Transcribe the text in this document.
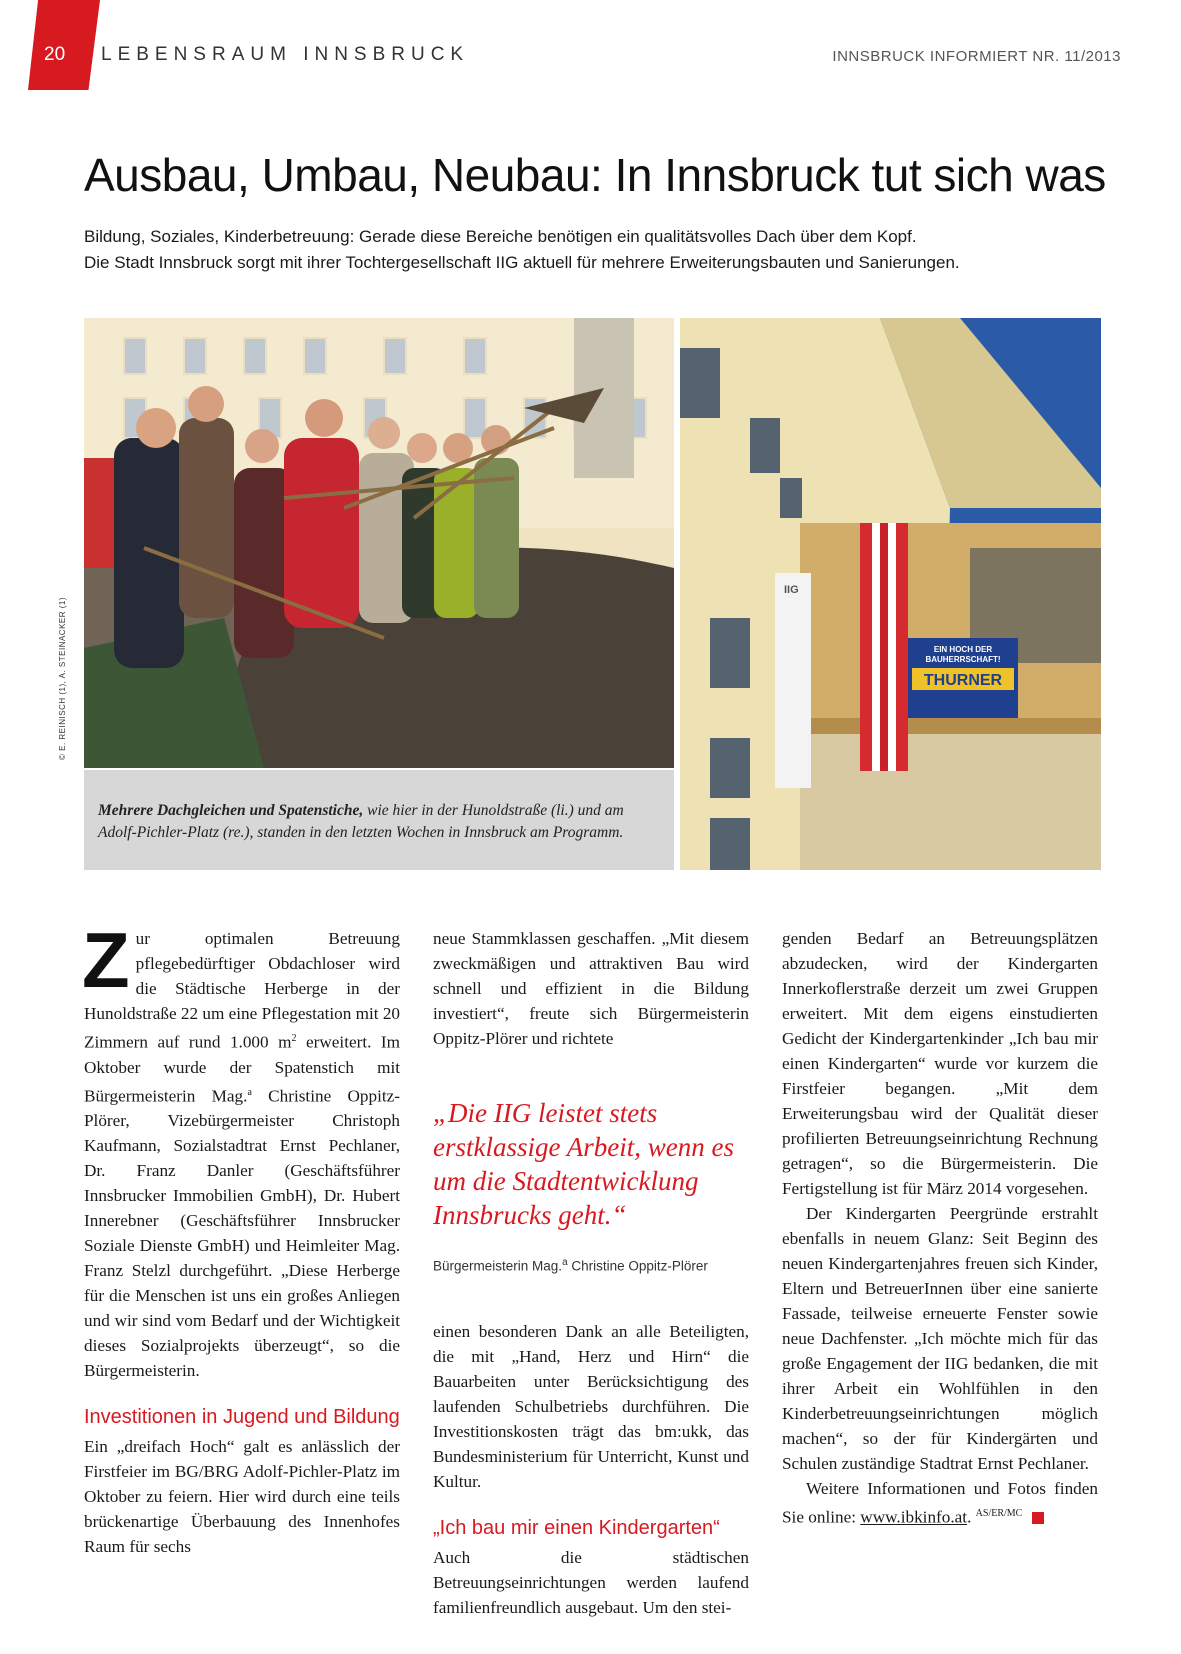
20 LEBENSRAUM INNSBRUCK	INNSBRUCK INFORMIERT NR. 11/2013
Ausbau, Umbau, Neubau: In Innsbruck tut sich was
Bildung, Soziales, Kinderbetreuung: Gerade diese Bereiche benötigen ein qualitätsvolles Dach über dem Kopf.
Die Stadt Innsbruck sorgt mit ihrer Tochtergesellschaft IIG aktuell für mehrere Erweiterungsbauten und Sanierungen.
© E. REINISCH (1), A. STEINACKER (1)	EIN HOCH DER
BAUHERRSCHAFT!
THURNER
IIG
Mehrere Dachgleichen und Spatenstiche, wie hier in der Hunoldstraße (li.) und am Adolf-Pichler-Platz (re.), standen in den letzten Wochen in Innsbruck am Programm.

Zur optimalen Betreuung pflegebedürftiger Obdachloser wird die Städtische Herberge in der Hunoldstraße 22 um eine Pflegestation mit 20 Zimmern auf rund 1.000 $m^2$ erweitert. Im Oktober wurde der Spatenstich mit Bürgermeisterin Mag.$^a$ Christine Oppitz-Plörer, Vizebürgermeister Christoph Kaufmann, Sozialstadtrat Ernst Pechlaner, Dr. Franz Danler (Geschäftsführer Innsbrucker Immobilien GmbH), Dr. Hubert Innerebner (Geschäftsführer Innsbrucker Soziale Dienste GmbH) und Heimleiter Mag. Franz Stelzl durchgeführt. „Diese Herberge für die Menschen ist uns ein großes Anliegen und wir sind vom Bedarf und der Wichtigkeit dieses Sozialprojekts überzeugt“, so die Bürgermeisterin.

Investitionen in Jugend und Bildung

Ein „dreifach Hoch“ galt es anlässlich der Firstfeier im BG/BRG Adolf-Pichler-Platz im Oktober zu feiern. Hier wird durch eine teils brückenartige Überbauung des Innenhofes Raum für sechs

neue Stammklassen geschaffen. „Mit diesem zweckmäßigen und attraktiven Bau wird schnell und effizient in die Bildung investiert“, freute sich Bürgermeisterin Oppitz-Plörer und richtete

„Die IIG leistet stets erstklassige Arbeit, wenn es um die Stadtentwicklung Innsbrucks geht.“
Bürgermeisterin Mag.$^a$ Christine Oppitz-Plörer

einen besonderen Dank an alle Beteiligten, die mit „Hand, Herz und Hirn“ die Bauarbeiten unter Berücksichtigung des laufenden Schulbetriebs durchführen. Die Investitionskosten trägt das bm:ukk, das Bundesministerium für Unterricht, Kunst und Kultur.

„Ich bau mir einen Kindergarten“

Auch die städtischen Betreuungseinrichtungen werden laufend familienfreundlich ausgebaut. Um den stei-

genden Bedarf an Betreuungsplätzen abzudecken, wird der Kindergarten Innerkoflerstraße derzeit um zwei Gruppen erweitert. Mit dem eigens einstudierten Gedicht der Kindergartenkinder „Ich bau mir einen Kindergarten“ wurde vor kurzem die Firstfeier begangen. „Mit dem Erweiterungsbau wird der Qualität dieser profilierten Betreuungseinrichtung Rechnung getragen“, so die Bürgermeisterin. Die Fertigstellung ist für März 2014 vorgesehen.

Der Kindergarten Peergründe erstrahlt ebenfalls in neuem Glanz: Seit Beginn des neuen Kindergartenjahres freuen sich Kinder, Eltern und BetreuerInnen über eine sanierte Fassade, teilweise erneuerte Fenster sowie neue Dachfenster. „Ich möchte mich für das große Engagement der IIG bedanken, die mit ihrer Arbeit ein Wohlfühlen in den Kinderbetreuungseinrichtungen möglich machen“, so der für Kindergärten und Schulen zuständige Stadtrat Ernst Pechlaner.

Weitere Informationen und Fotos finden Sie online: www.ibkinfo.at. $^{AS/ER/MC}$
